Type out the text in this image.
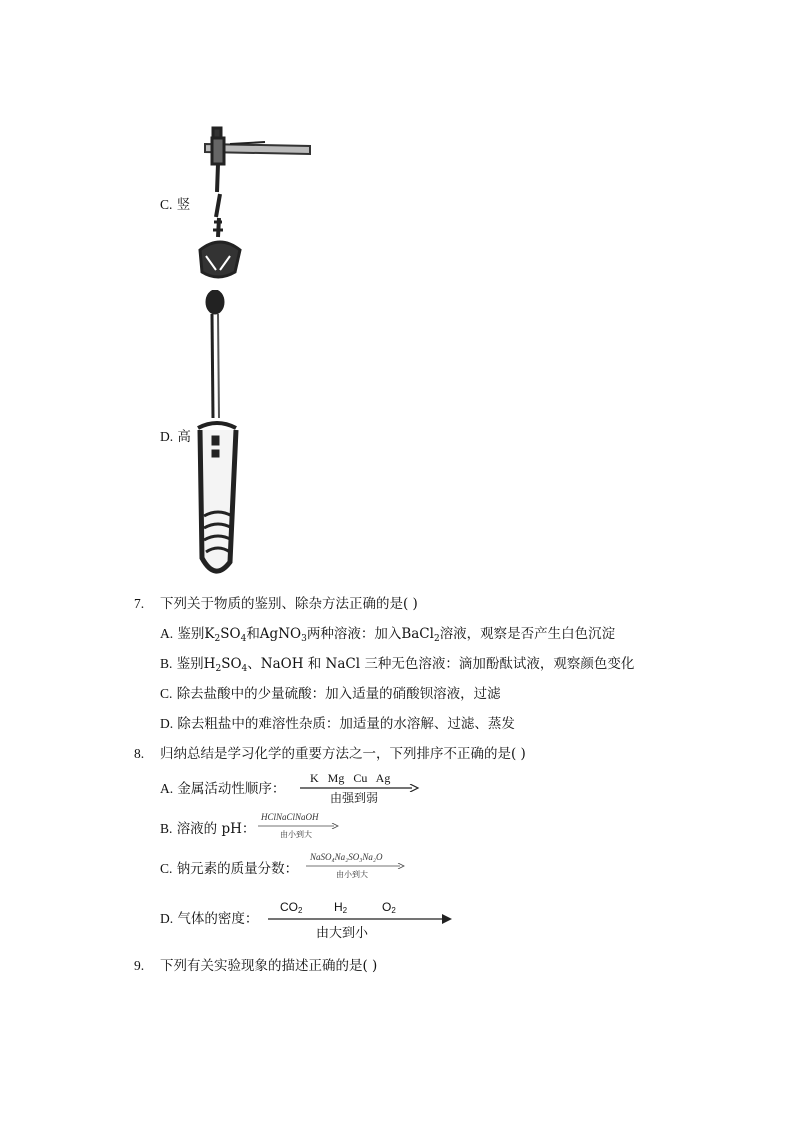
C. 竖
D. 高
7. 下列关于物质的鉴别、除杂方法正确的是( )
A. 鉴别$K_2SO_4$和AgNO$_3$两种溶液：加入BaCl$_2$溶液，观察是否产生白色沉淀
B. 鉴别$H_2SO_4$、NaOH 和 NaCl 三种无色溶液：滴加酚酞试液，观察颜色变化
C. 除去盐酸中的少量硫酸：加入适量的硝酸钡溶液，过滤
D. 除去粗盐中的难溶性杂质：加适量的水溶解、过滤、蒸发
8. 归纳总结是学习化学的重要方法之一，下列排序不正确的是( )
A. 金属活动性顺序：
K   Mg   Cu   Ag
由强到弱
B. 溶液的 pH：
HClNaClNaOH
由小到大
C. 钠元素的质量分数：
NaSO₄Na₂SO₃Na₂O
由小到大
D. 气体的密度：
CO2	H2	O2
由大到小
9. 下列有关实验现象的描述正确的是( )
